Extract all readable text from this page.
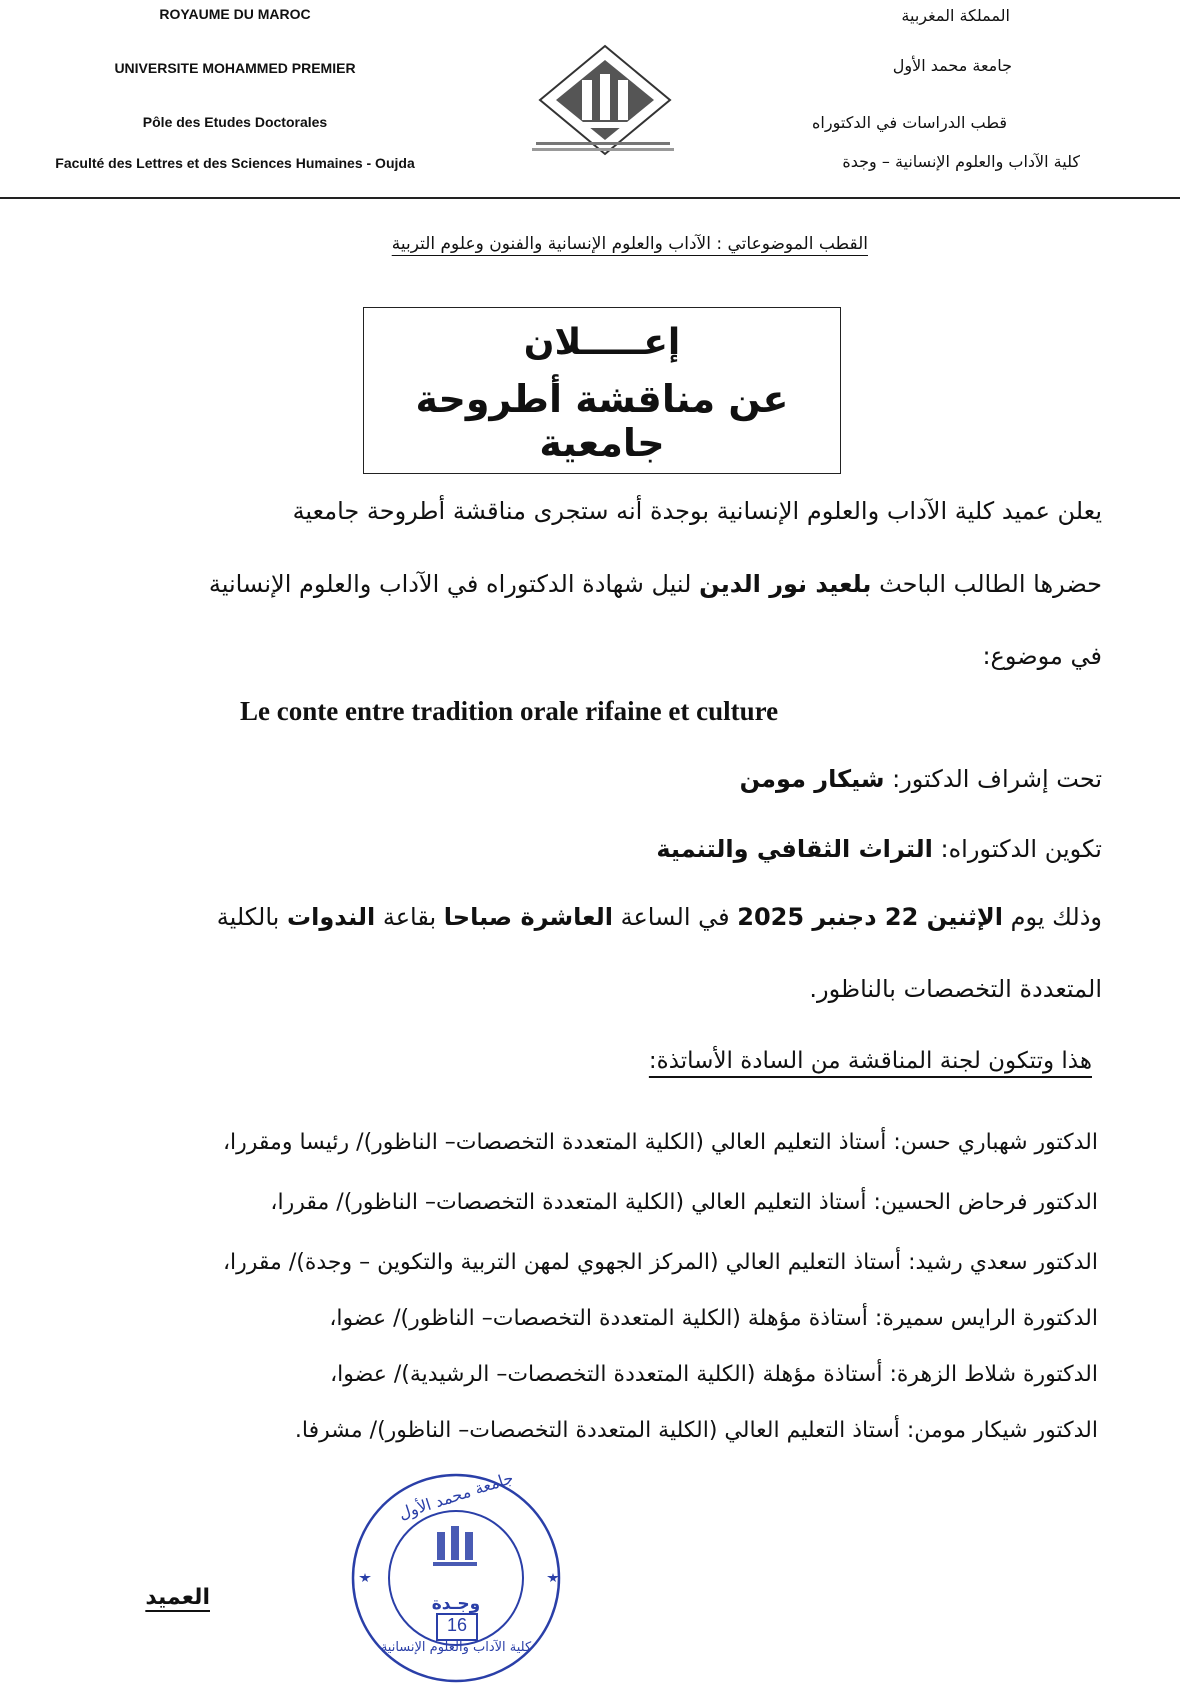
ROYAUME DU MAROC
UNIVERSITE MOHAMMED PREMIER
Pôle des Etudes Doctorales
Faculté des Lettres et des Sciences Humaines - Oujda
المملكة المغربية
جامعة محمد الأول
قطب الدراسات في الدكتوراه
كلية الآداب والعلوم الإنسانية – وجدة
القطب الموضوعاتي : الآداب والعلوم الإنسانية والفنون وعلوم التربية
إعـــــلان
عن مناقشة أطروحة جامعية
يعلن عميد كلية الآداب والعلوم الإنسانية بوجدة أنه ستجرى مناقشة أطروحة جامعية
حضرها الطالب الباحث بلعيد نور الدين لنيل شهادة الدكتوراه في الآداب والعلوم الإنسانية
في موضوع:
Le conte entre tradition orale rifaine et culture
تحت إشراف الدكتور: شيكار مومن
تكوين الدكتوراه: التراث الثقافي والتنمية
وذلك يوم الإثنين 22 دجنبر 2025 في الساعة العاشرة صباحا بقاعة الندوات بالكلية
المتعددة التخصصات بالناظور.
هذا وتتكون لجنة المناقشة من السادة الأساتذة:
الدكتور شهباري حسن: أستاذ التعليم العالي (الكلية المتعددة التخصصات– الناظور)/ رئيسا ومقررا،
الدكتور فرحاض الحسين: أستاذ التعليم العالي (الكلية المتعددة التخصصات– الناظور)/ مقررا،
الدكتور سعدي رشيد: أستاذ التعليم العالي (المركز الجهوي لمهن التربية والتكوين – وجدة)/ مقررا،
الدكتورة الرايس سميرة: أستاذة مؤهلة (الكلية المتعددة التخصصات– الناظور)/ عضوا،
الدكتورة شلاط الزهرة: أستاذة مؤهلة (الكلية المتعددة التخصصات– الرشيدية)/ عضوا،
الدكتور شيكار مومن: أستاذ التعليم العالي (الكلية المتعددة التخصصات– الناظور)/ مشرفا.
جامعة محمد الأول
كلية الآداب والعلوم الإنسانية
وجـدة
16
العميد
